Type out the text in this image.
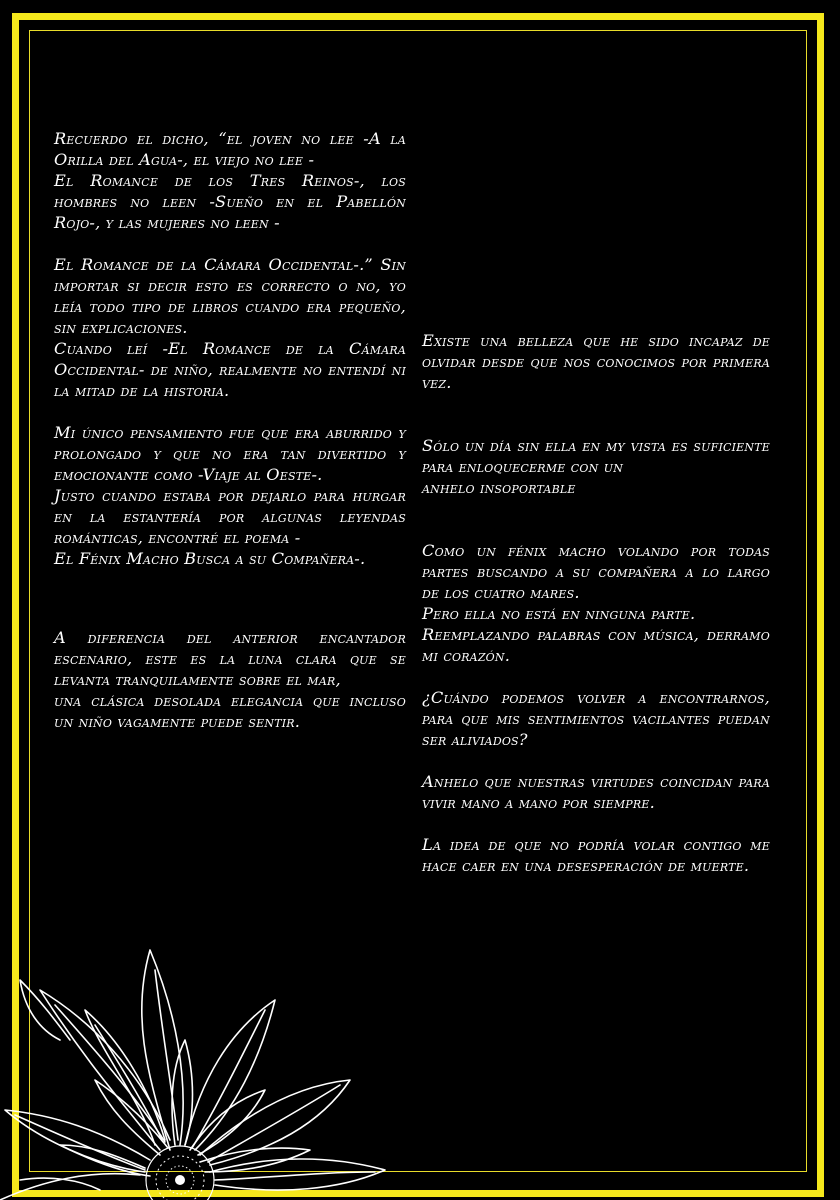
Recuerdo el dicho, “el joven no lee -A la Orilla del Agua-, el viejo no lee -
El Romance de los Tres Reinos-, los hombres no leen -Sueño en el Pabellón Rojo-, y las mujeres no leen -

El Romance de la Cámara Occidental-.” Sin importar si decir esto es correcto o no, yo leía todo tipo de libros cuando era pequeño, sin explicaciones.
Cuando leí -El Romance de la Cámara Occidental- de niño, realmente no entendí ni la mitad de la historia.

Mi único pensamiento fue que era aburrido y prolongado y que no era tan divertido y emocionante como -Viaje al Oeste-.
Justo cuando estaba por dejarlo para hurgar en la estantería por algunas leyendas románticas, encontré el poema -
El Fénix Macho Busca a su Compañera-.

A diferencia del anterior encantador escenario, este es la luna clara que se levanta tranquilamente sobre el mar,
una clásica desolada elegancia que incluso un niño vagamente puede sentir.

Existe una belleza que he sido incapaz de olvidar desde que nos conocimos por primera vez.

Sólo un día sin ella en my vista es suficiente para enloquecerme con un
anhelo insoportable

Como un fénix macho volando por todas partes buscando a su compañera a lo largo de los cuatro mares.
Pero ella no está en ninguna parte.
Reemplazando palabras con música, derramo mi corazón.

¿Cuándo podemos volver a encontrarnos, para que mis sentimientos vacilantes puedan ser aliviados?

Anhelo que nuestras virtudes coincidan para vivir mano a mano por siempre.

La idea de que no podría volar contigo me hace caer en una desesperación de muerte.
